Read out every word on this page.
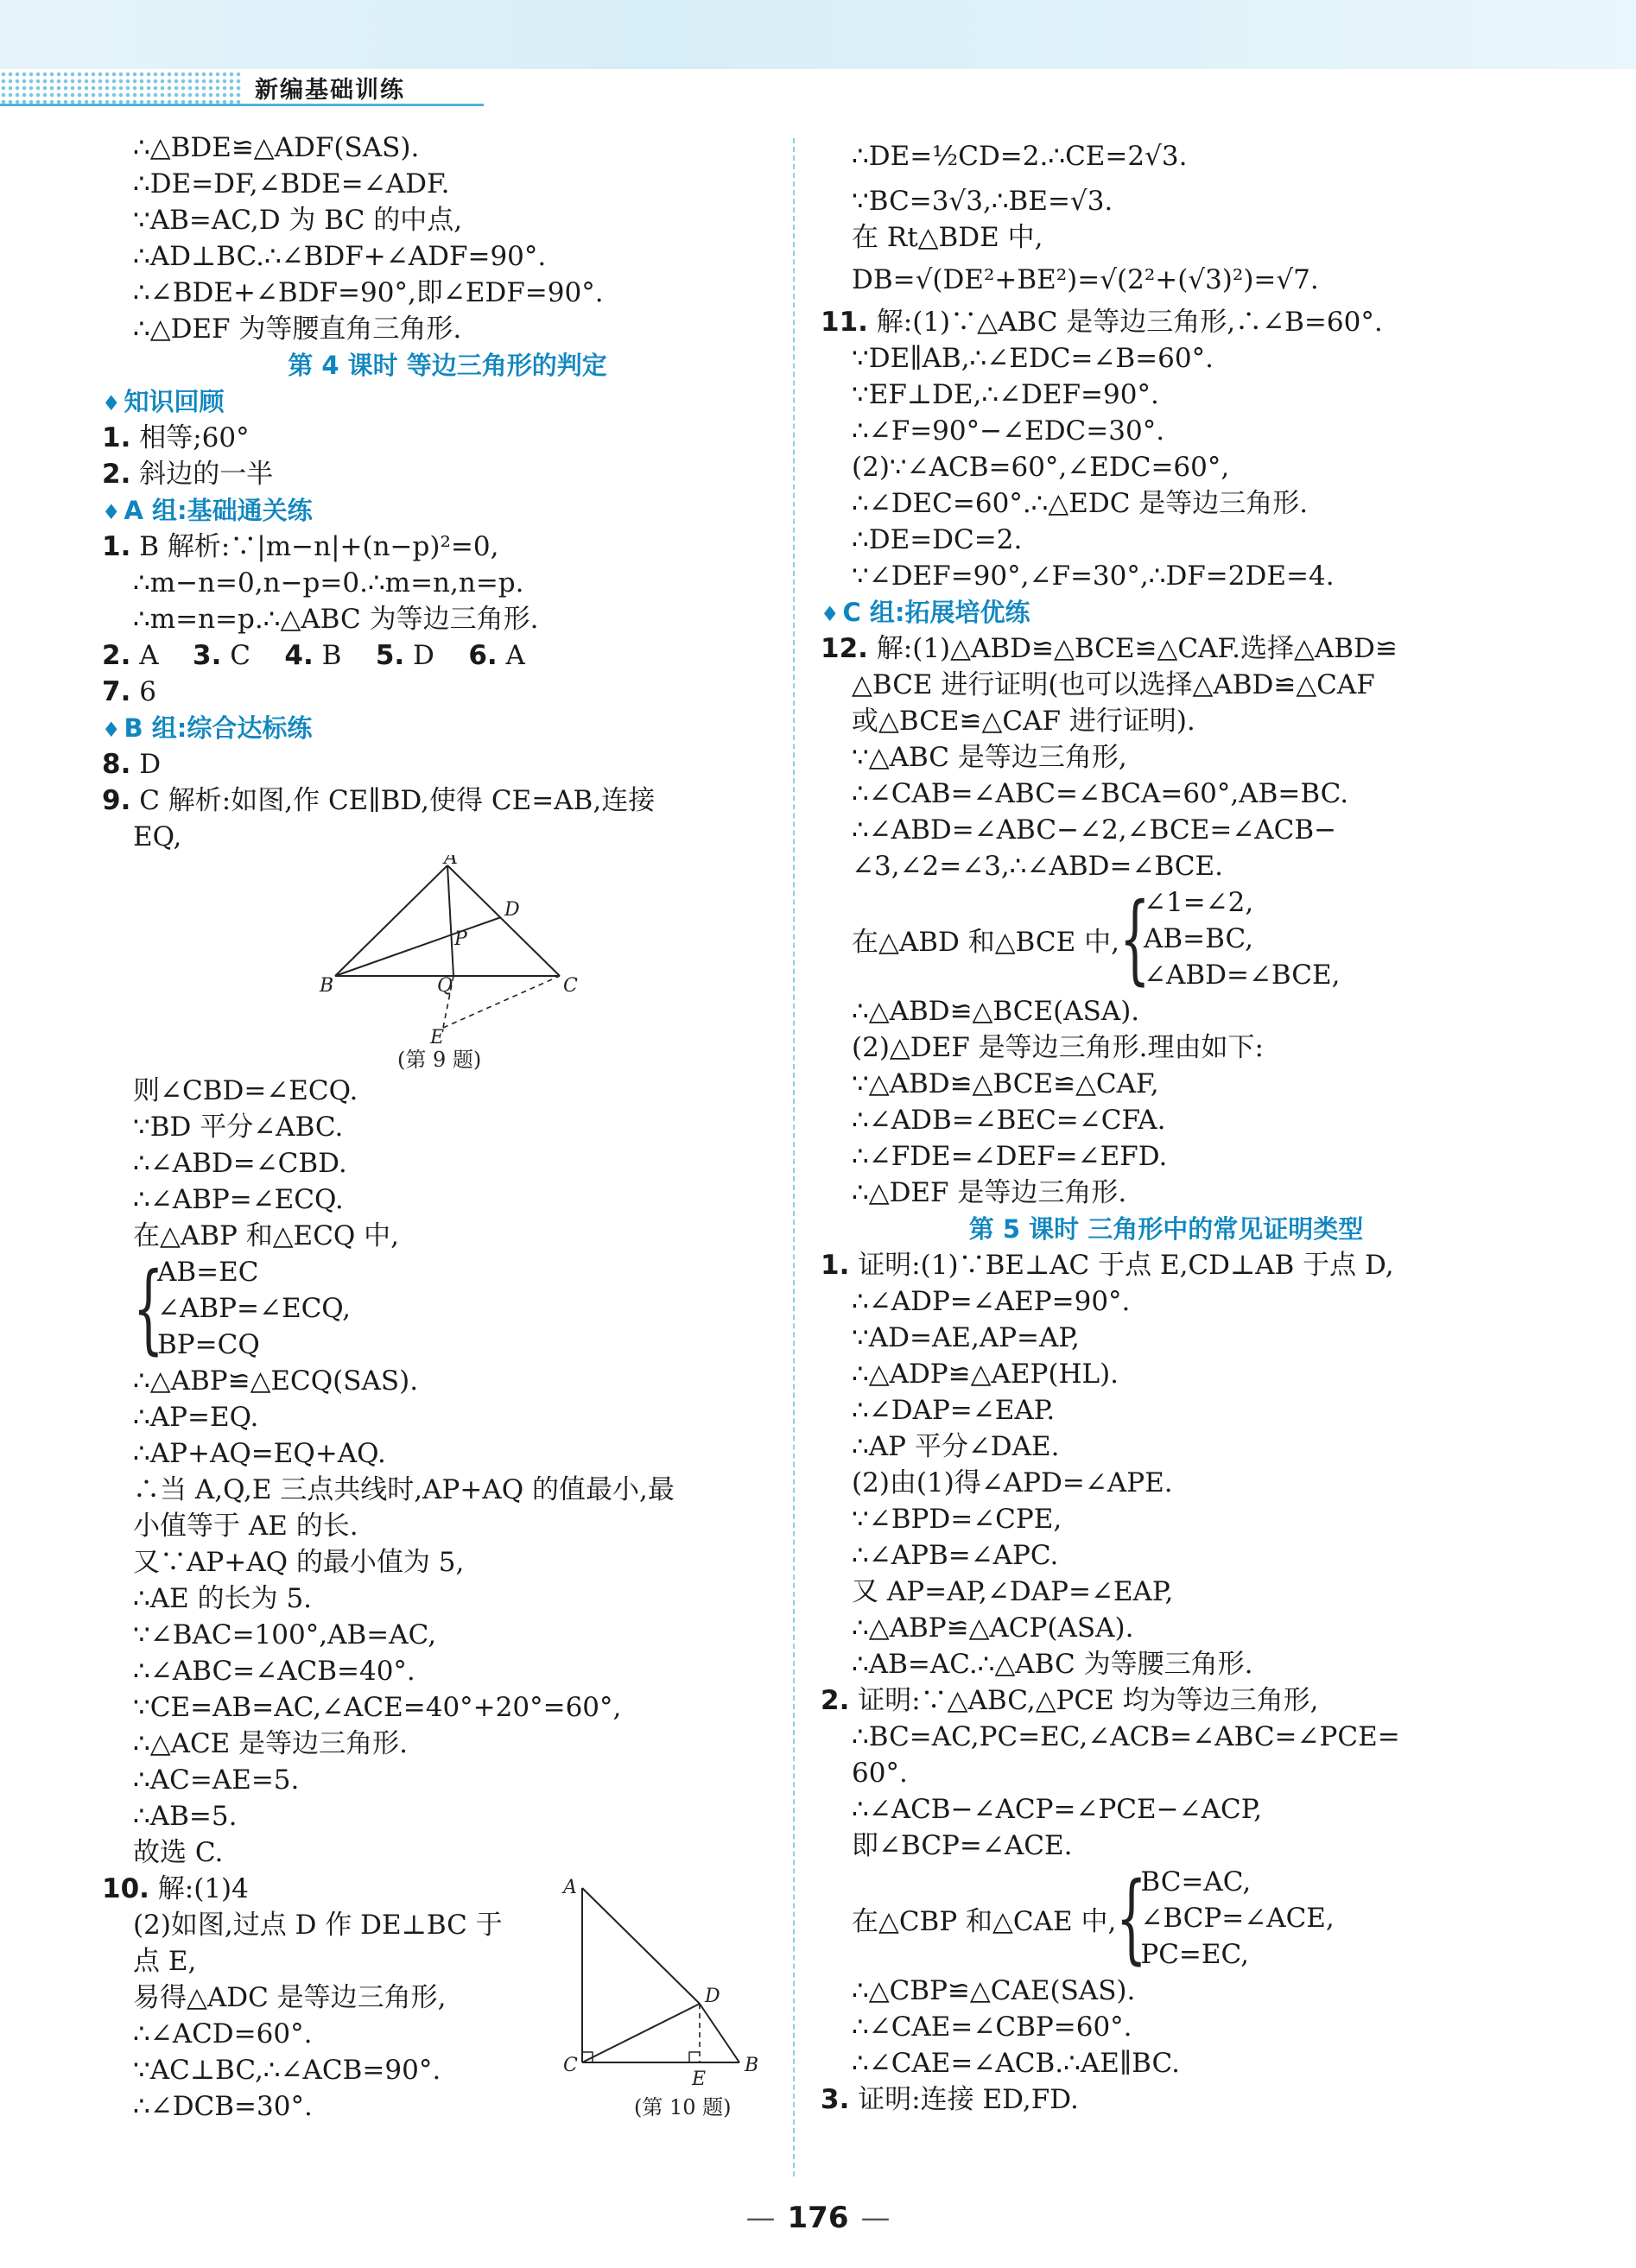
新编基础训练
∴△BDE≌△ADF(SAS).
∴DE=DF,∠BDE=∠ADF.
∵AB=AC,D 为 BC 的中点,
∴AD⊥BC.∴∠BDF+∠ADF=90°.
∴∠BDE+∠BDF=90°,即∠EDF=90°.
∴△DEF 为等腰直角三角形.
第 4 课时 等边三角形的判定
♦ 知识回顾
1. 相等;60°
2. 斜边的一半
♦ A 组:基础通关练
1. B 解析:∵|m−n|+(n−p)²=0,
∴m−n=0,n−p=0.∴m=n,n=p.
∴m=n=p.∴△ABC 为等边三角形.
2. A 3. C 4. B 5. D 6. A
7. 6
♦ B 组:综合达标练
8. D
9. C 解析:如图,作 CE∥BD,使得 CE=AB,连接
EQ,
A
D
P
B	Q	C
E
(第 9 题)
则∠CBD=∠ECQ.
∵BD 平分∠ABC.
∴∠ABD=∠CBD.
∴∠ABP=∠ECQ.
在△ABP 和△ECQ 中,
{
AB=EC
∠ABP=∠ECQ,
BP=CQ
∴△ABP≌△ECQ(SAS).
∴AP=EQ.
∴AP+AQ=EQ+AQ.
∴当 A,Q,E 三点共线时,AP+AQ 的值最小,最
小值等于 AE 的长.
又∵AP+AQ 的最小值为 5,
∴AE 的长为 5.
∵∠BAC=100°,AB=AC,
∴∠ABC=∠ACB=40°.
∵CE=AB=AC,∠ACE=40°+20°=60°,
∴△ACE 是等边三角形.
∴AC=AE=5.
∴AB=5.
故选 C.
10. 解:(1)4
(2)如图,过点 D 作 DE⊥BC 于
点 E,
易得△ADC 是等边三角形,
∴∠ACD=60°.
∵AC⊥BC,∴∠ACB=90°.
∴∠DCB=30°.
A
D
C
E
B
(第 10 题)
∴DE=½CD=2.∴CE=2√3.
∵BC=3√3,∴BE=√3.
在 Rt△BDE 中,
DB=√(DE²+BE²)=√(2²+(√3)²)=√7.
11. 解:(1)∵△ABC 是等边三角形,∴∠B=60°.
∵DE∥AB,∴∠EDC=∠B=60°.
∵EF⊥DE,∴∠DEF=90°.
∴∠F=90°−∠EDC=30°.
(2)∵∠ACB=60°,∠EDC=60°,
∴∠DEC=60°.∴△EDC 是等边三角形.
∴DE=DC=2.
∵∠DEF=90°,∠F=30°,∴DF=2DE=4.
♦ C 组:拓展培优练
12. 解:(1)△ABD≌△BCE≌△CAF.选择△ABD≌
△BCE 进行证明(也可以选择△ABD≌△CAF
或△BCE≌△CAF 进行证明).
∵△ABC 是等边三角形,
∴∠CAB=∠ABC=∠BCA=60°,AB=BC.
∴∠ABD=∠ABC−∠2,∠BCE=∠ACB−
∠3,∠2=∠3,∴∠ABD=∠BCE.
在△ABD 和△BCE 中, {
∠1=∠2,
AB=BC,
∠ABD=∠BCE,
∴△ABD≌△BCE(ASA).
(2)△DEF 是等边三角形.理由如下:
∵△ABD≌△BCE≌△CAF,
∴∠ADB=∠BEC=∠CFA.
∴∠FDE=∠DEF=∠EFD.
∴△DEF 是等边三角形.
第 5 课时 三角形中的常见证明类型
1. 证明:(1)∵BE⊥AC 于点 E,CD⊥AB 于点 D,
∴∠ADP=∠AEP=90°.
∵AD=AE,AP=AP,
∴△ADP≌△AEP(HL).
∴∠DAP=∠EAP.
∴AP 平分∠DAE.
(2)由(1)得∠APD=∠APE.
∵∠BPD=∠CPE,
∴∠APB=∠APC.
又 AP=AP,∠DAP=∠EAP,
∴△ABP≌△ACP(ASA).
∴AB=AC.∴△ABC 为等腰三角形.
2. 证明:∵△ABC,△PCE 均为等边三角形,
∴BC=AC,PC=EC,∠ACB=∠ABC=∠PCE=
60°.
∴∠ACB−∠ACP=∠PCE−∠ACP,
即∠BCP=∠ACE.
在△CBP 和△CAE 中, {
BC=AC,
∠BCP=∠ACE,
PC=EC,
∴△CBP≌△CAE(SAS).
∴∠CAE=∠CBP=60°.
∴∠CAE=∠ACB.∴AE∥BC.
3. 证明:连接 ED,FD.
— 176 —
